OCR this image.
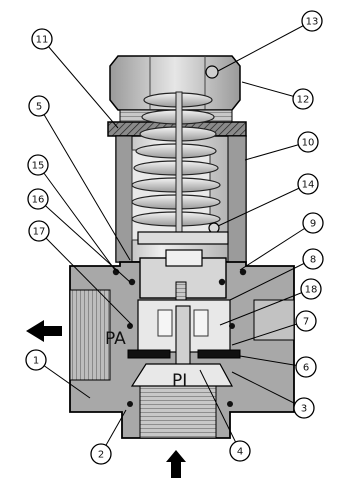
PA
PI
1
2
3
4
5
6
7
8
9
10
11
12
13
14
15
16
17
18
